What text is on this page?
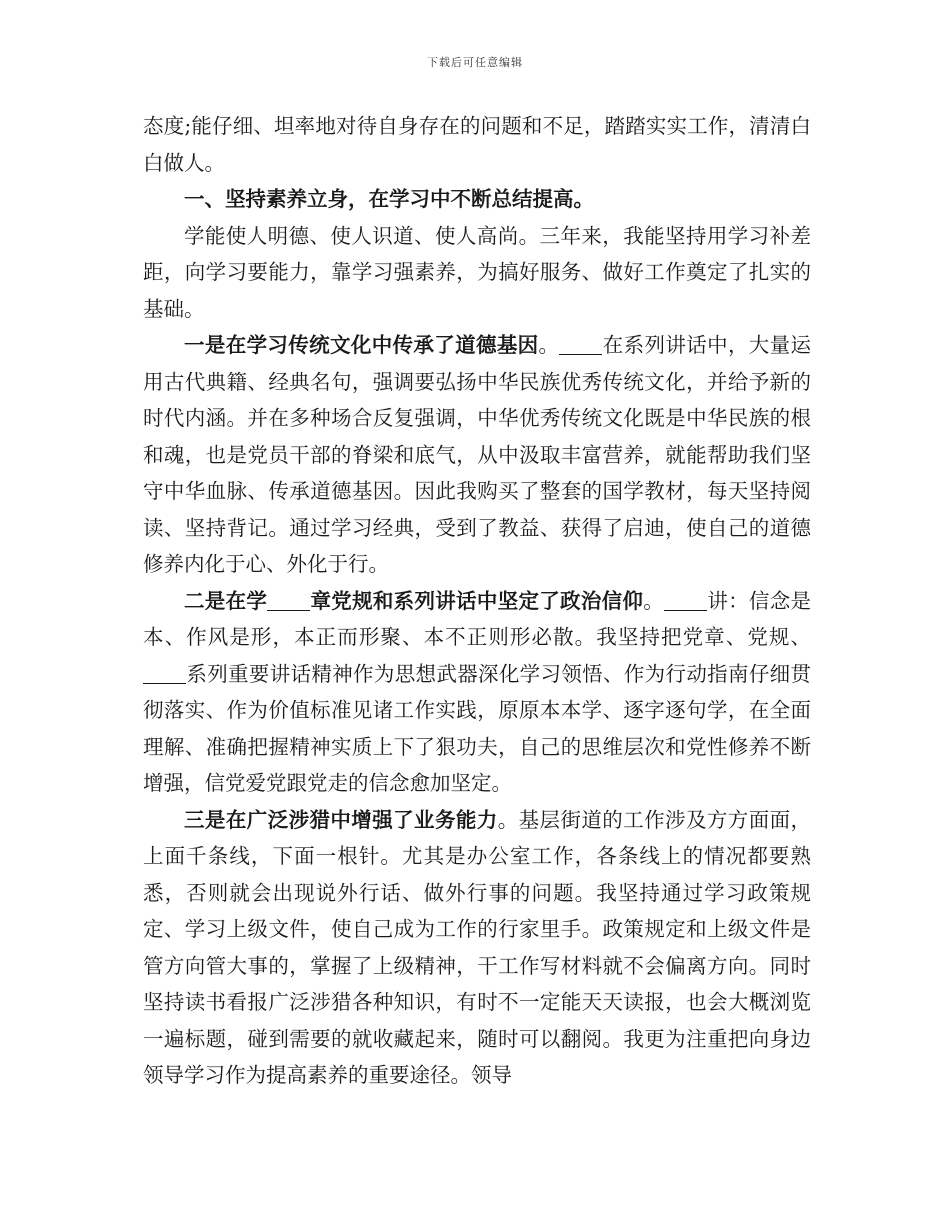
下载后可任意编辑

态度;能仔细、坦率地对待自身存在的问题和不足，踏踏实实工作，清清白白做人。

一、坚持素养立身，在学习中不断总结提高。

学能使人明德、使人识道、使人高尚。三年来，我能坚持用学习补差距，向学习要能力，靠学习强素养，为搞好服务、做好工作奠定了扎实的基础。

一是在学习传统文化中传承了道德基因。 在系列讲话中，大量运用古代典籍、经典名句，强调要弘扬中华民族优秀传统文化，并给予新的时代内涵。并在多种场合反复强调，中华优秀传统文化既是中华民族的根和魂，也是党员干部的脊梁和底气，从中汲取丰富营养，就能帮助我们坚守中华血脉、传承道德基因。因此我购买了整套的国学教材，每天坚持阅读、坚持背记。通过学习经典，受到了教益、获得了启迪，使自己的道德修养内化于心、外化于行。

二是在学 章党规和系列讲话中坚定了政治信仰。 讲：信念是本、作风是形，本正而形聚、本不正则形必散。我坚持把党章、党规、系列重要讲话精神作为思想武器深化学习领悟、作为行动指南仔细贯彻落实、作为价值标准见诸工作实践，原原本本学、逐字逐句学，在全面理解、准确把握精神实质上下了狠功夫，自己的思维层次和党性修养不断增强，信党爱党跟党走的信念愈加坚定。

三是在广泛涉猎中增强了业务能力。基层街道的工作涉及方方面面，上面千条线，下面一根针。尤其是办公室工作，各条线上的情况都要熟悉，否则就会出现说外行话、做外行事的问题。我坚持通过学习政策规定、学习上级文件，使自己成为工作的行家里手。政策规定和上级文件是管方向管大事的，掌握了上级精神，干工作写材料就不会偏离方向。同时坚持读书看报广泛涉猎各种知识，有时不一定能天天读报，也会大概浏览一遍标题，碰到需要的就收藏起来，随时可以翻阅。我更为注重把向身边领导学习作为提高素养的重要途径。领导
